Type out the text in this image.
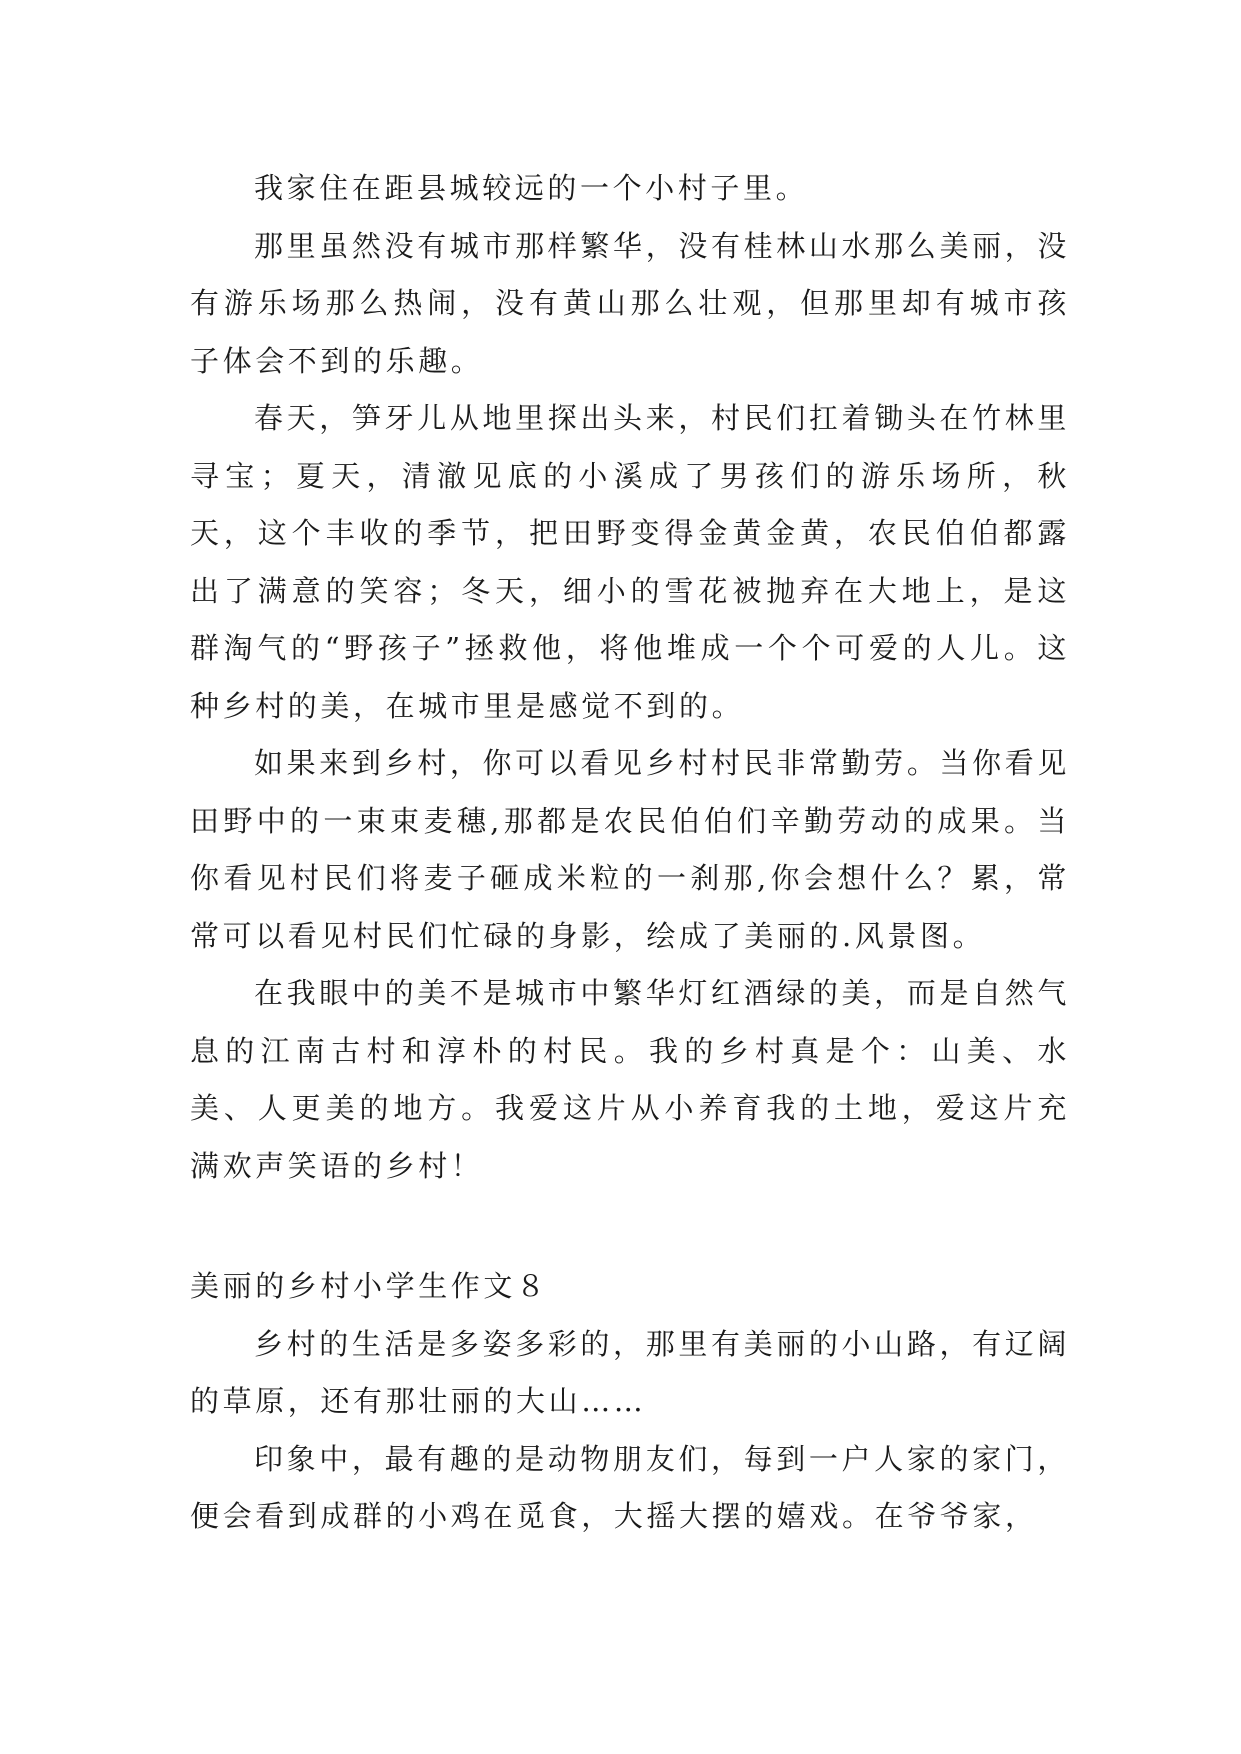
我家住在距县城较远的一个小村子里。

那里虽然没有城市那样繁华，没有桂林山水那么美丽，没有游乐场那么热闹，没有黄山那么壮观，但那里却有城市孩子体会不到的乐趣。

春天，笋牙儿从地里探出头来，村民们扛着锄头在竹林里寻宝；夏天，清澈见底的小溪成了男孩们的游乐场所，秋天，这个丰收的季节，把田野变得金黄金黄，农民伯伯都露出了满意的笑容；冬天，细小的雪花被抛弃在大地上，是这群淘气的“野孩子”拯救他，将他堆成一个个可爱的人儿。这种乡村的美，在城市里是感觉不到的。

如果来到乡村，你可以看见乡村村民非常勤劳。当你看见田野中的一束束麦穗,那都是农民伯伯们辛勤劳动的成果。当你看见村民们将麦子砸成米粒的一刹那,你会想什么？累，常常可以看见村民们忙碌的身影，绘成了美丽的.风景图。

在我眼中的美不是城市中繁华灯红酒绿的美，而是自然气息的江南古村和淳朴的村民。我的乡村真是个：山美、水美、人更美的地方。我爱这片从小养育我的土地，爱这片充满欢声笑语的乡村！

美丽的乡村小学生作文８

乡村的生活是多姿多彩的，那里有美丽的小山路，有辽阔的草原，还有那壮丽的大山……

印象中，最有趣的是动物朋友们，每到一户人家的家门，便会看到成群的小鸡在觅食，大摇大摆的嬉戏。在爷爷家，
